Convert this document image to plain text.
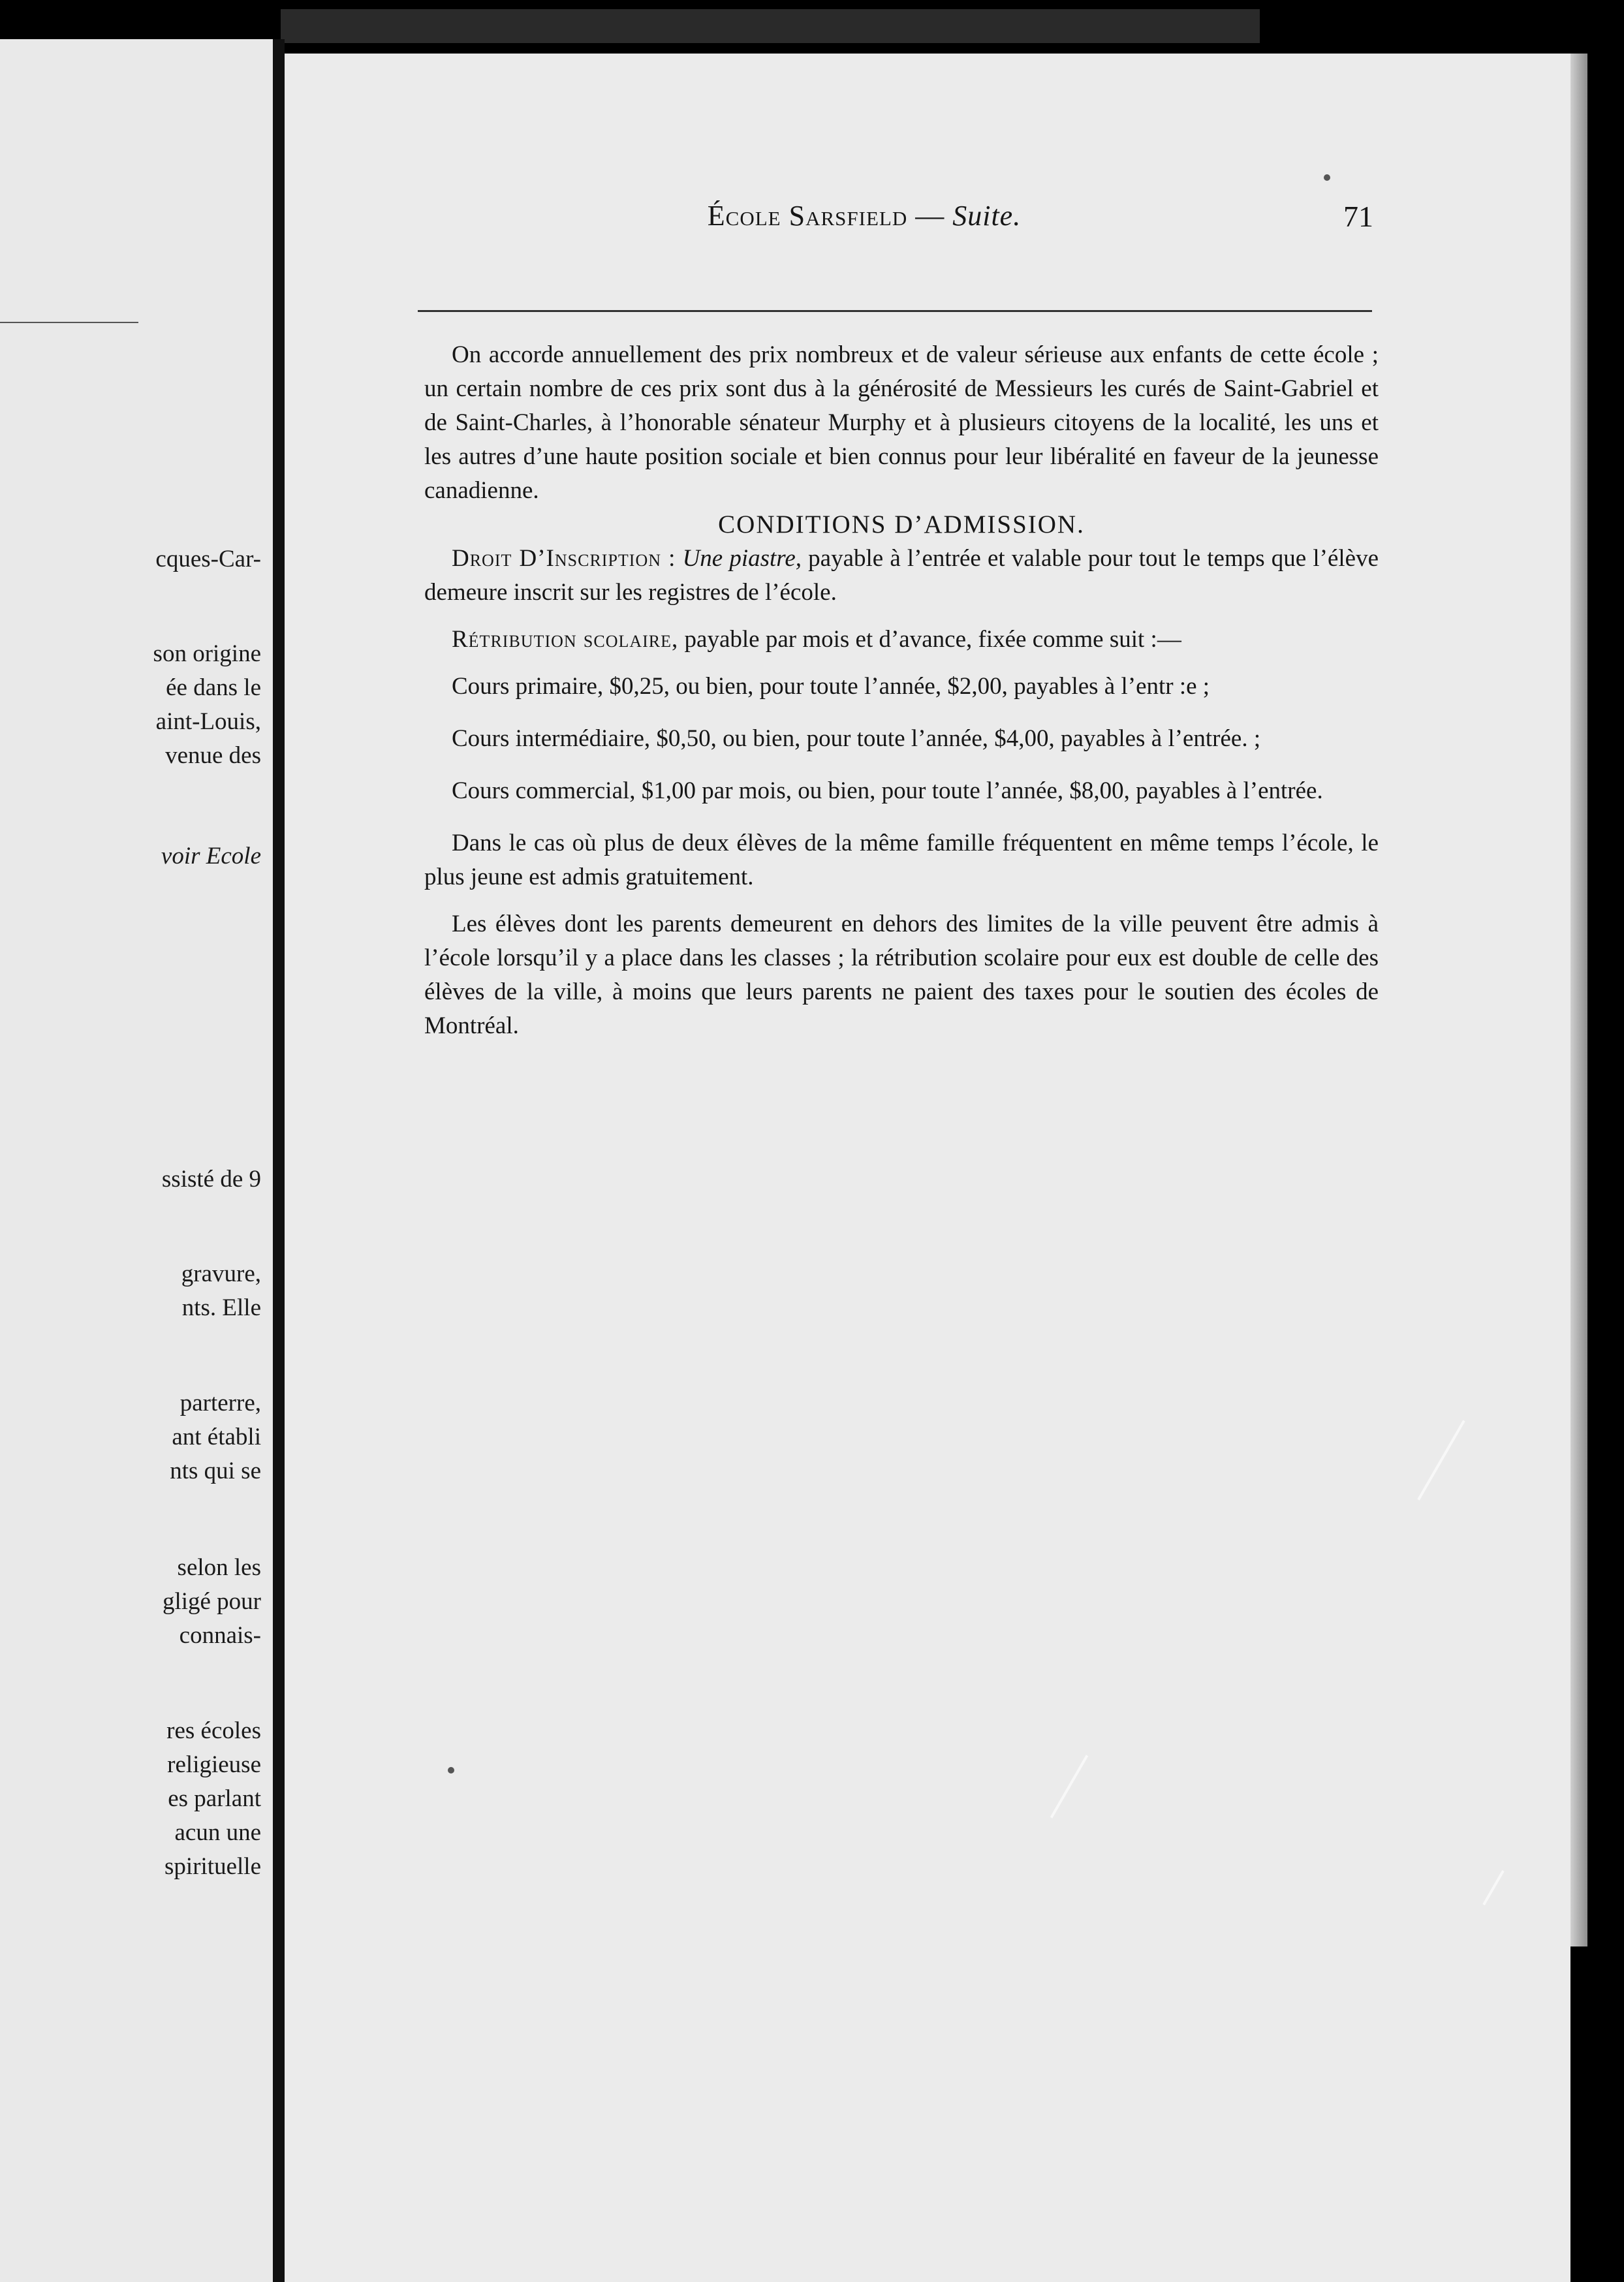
cques-Car-
son origine
ée dans le
aint-Louis,
venue des
voir Ecole
ssisté de 9
gravure,
nts. Elle
parterre,
ant établi
nts qui se
selon les
gligé pour
connais-
res écoles
religieuse
es parlant
acun une
spirituelle
École Sarsfield — Suite.	71

On accorde annuellement des prix nombreux et de valeur sérieuse aux enfants de cette école ; un certain nombre de ces prix sont dus à la générosité de Messieurs les curés de Saint-Gabriel et de Saint-Charles, à l’honorable sénateur Murphy et à plusieurs citoyens de la localité, les uns et les autres d’une haute position sociale et bien connus pour leur libéralité en faveur de la jeunesse canadienne.

CONDITIONS D’ADMISSION.

Droit D’Inscription : Une piastre, payable à l’entrée et valable pour tout le temps que l’élève demeure inscrit sur les registres de l’école.

Rétribution scolaire, payable par mois et d’avance, fixée comme suit :—

Cours primaire, $0,25, ou bien, pour toute l’année, $2,00, payables à l’entr :e ;

Cours intermédiaire, $0,50, ou bien, pour toute l’année, $4,00, payables à l’entrée. ;

Cours commercial, $1,00 par mois, ou bien, pour toute l’année, $8,00, payables à l’entrée.

Dans le cas où plus de deux élèves de la même famille fréquentent en même temps l’école, le plus jeune est admis gratuitement.

Les élèves dont les parents demeurent en dehors des limites de la ville peuvent être admis à l’école lorsqu’il y a place dans les classes ; la rétribution scolaire pour eux est double de celle des élèves de la ville, à moins que leurs parents ne paient des taxes pour le soutien des écoles de Montréal.
